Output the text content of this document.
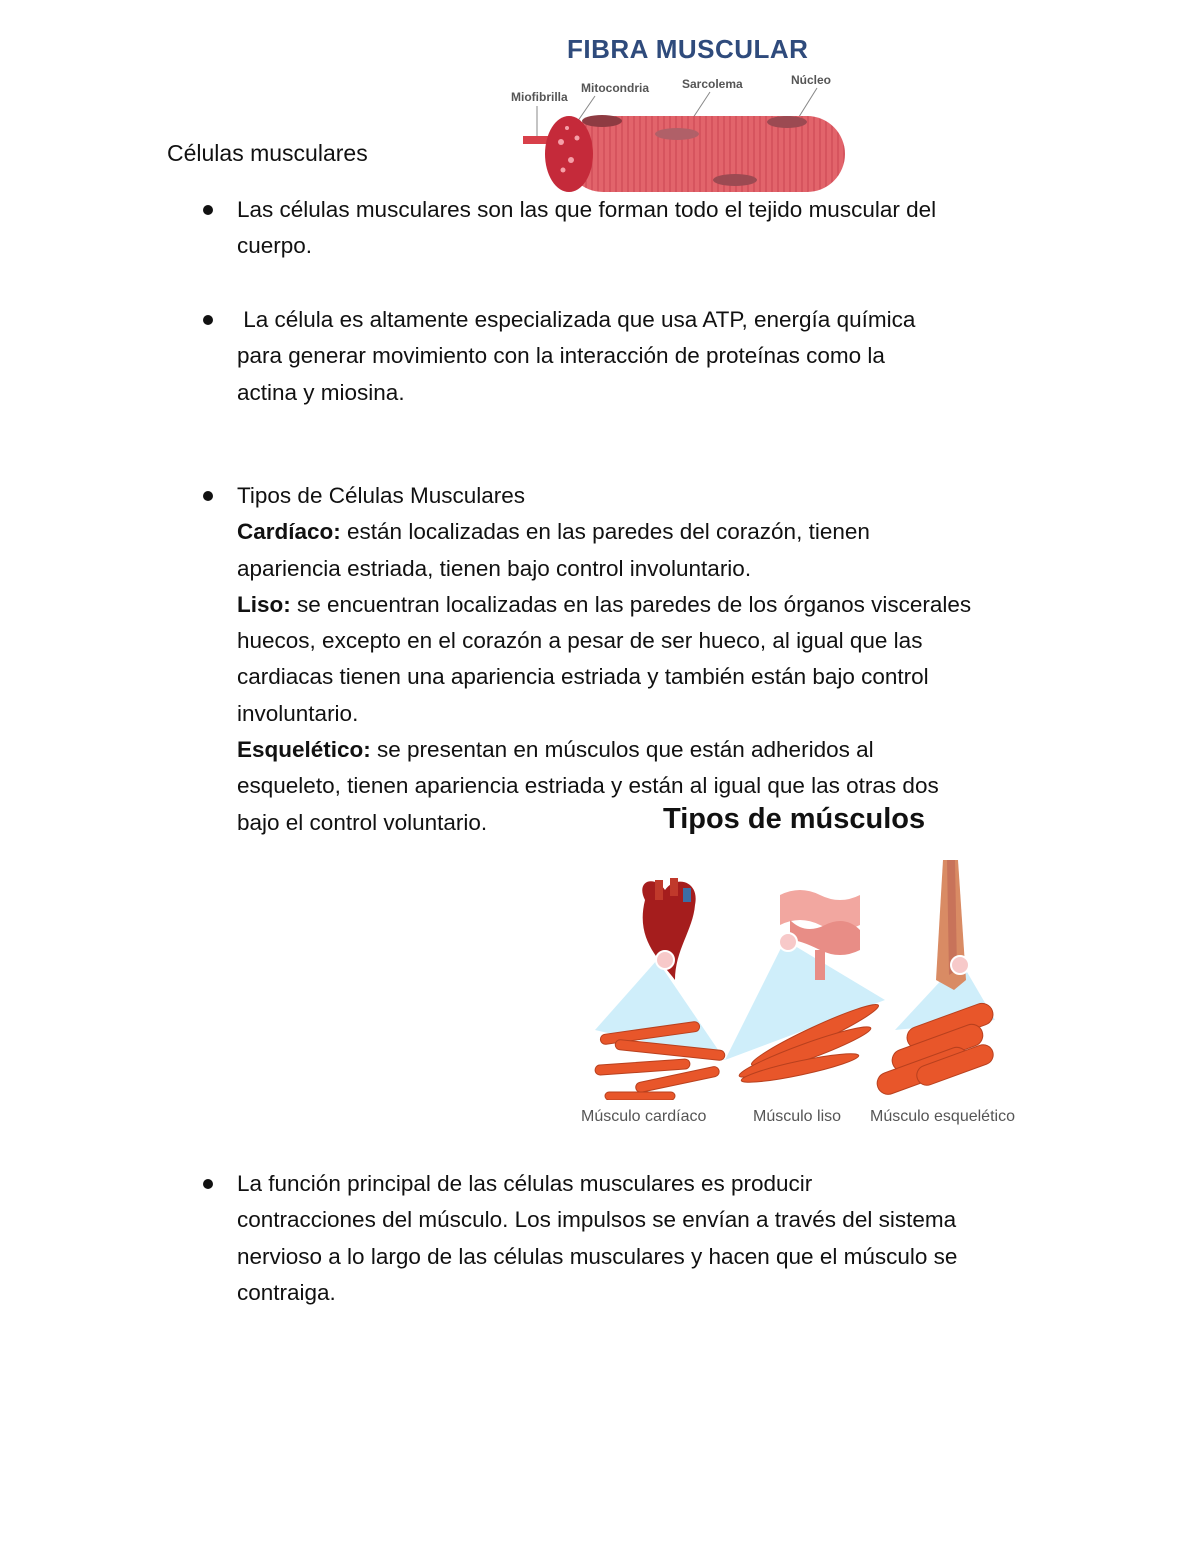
Células musculares
FIBRA MUSCULAR
Miofibrilla
Mitocondria	Sarcolema	Núcleo
Las células musculares son las que forman todo el tejido muscular del
cuerpo.
La célula es altamente especializada que usa ATP, energía química
para generar movimiento con la interacción de proteínas como la
actina y miosina.
Tipos de Células Musculares
Cardíaco: están localizadas en las paredes del corazón, tienen
apariencia estriada, tienen bajo control involuntario.
Liso: se encuentran localizadas en las paredes de los órganos viscerales
huecos, excepto en el corazón a pesar de ser hueco, al igual que las
cardiacas tienen una apariencia estriada y también están bajo control
involuntario.
Esquelético: se presentan en músculos que están adheridos al
esqueleto, tienen apariencia estriada y están al igual que las otras dos
bajo el control voluntario.
La función principal de las células musculares es producir
contracciones del músculo. Los impulsos se envían a través del sistema
nervioso a lo largo de las células musculares y hacen que el músculo se
contraiga.
Tipos de músculos
Músculo cardíaco	Músculo liso Músculo esquelético
